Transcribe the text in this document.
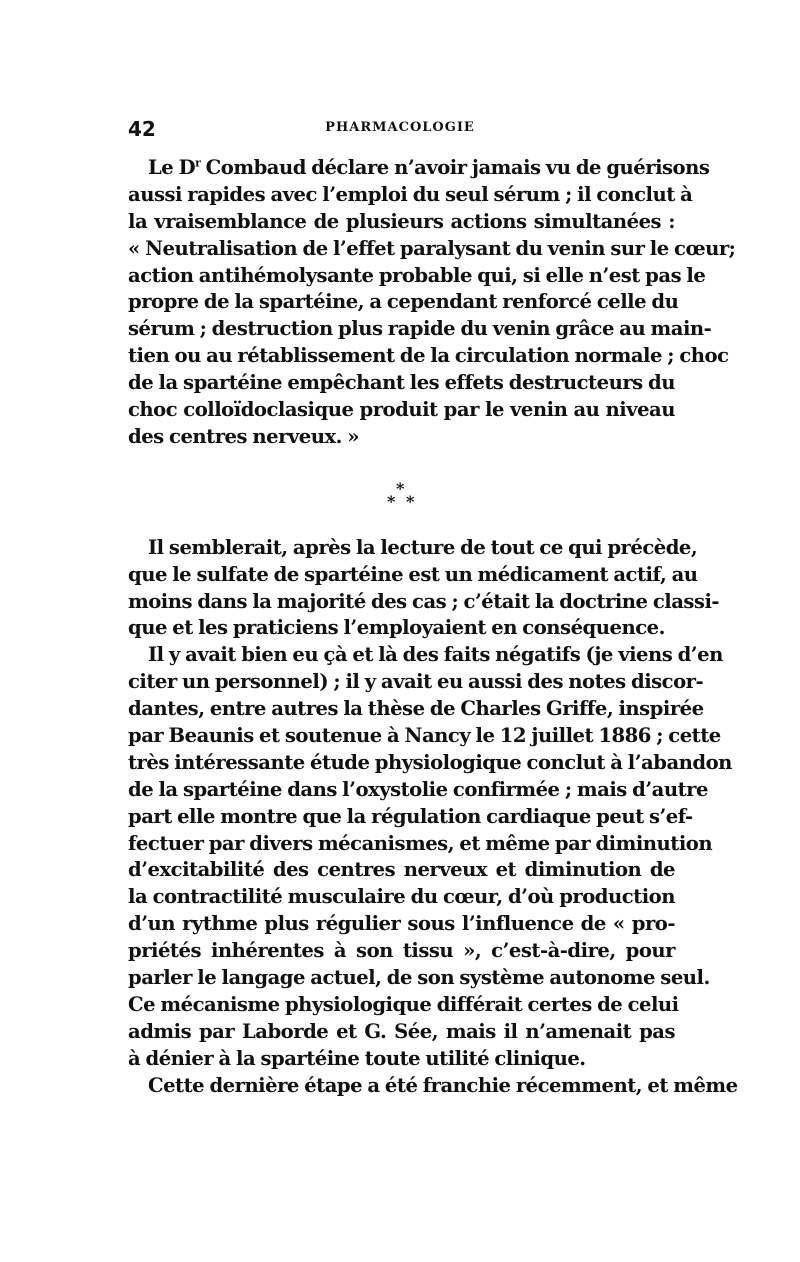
42	PHARMACOLOGIE
Le $D^r$ Combaud déclare n’avoir jamais vu de guérisons
aussi rapides avec l’emploi du seul sérum ; il conclut à
la vraisemblance de plusieurs actions simultanées :
« Neutralisation de l’effet paralysant du venin sur le cœur;
action antihémolysante probable qui, si elle n’est pas le
propre de la spartéine, a cependant renforcé celle du
sérum ; destruction plus rapide du venin grâce au main-
tien ou au rétablissement de la circulation normale ; choc
de la spartéine empêchant les effets destructeurs du
choc colloïdoclasique produit par le venin au niveau
des centres nerveux. »
*
* *
Il semblerait, après la lecture de tout ce qui précède,
que le sulfate de spartéine est un médicament actif, au
moins dans la majorité des cas ; c’était la doctrine classi-
que et les praticiens l’employaient en conséquence.
Il y avait bien eu çà et là des faits négatifs (je viens d’en
citer un personnel) ; il y avait eu aussi des notes discor-
dantes, entre autres la thèse de Charles Griffe, inspirée
par Beaunis et soutenue à Nancy le 12 juillet 1886 ; cette
très intéressante étude physiologique conclut à l’abandon
de la spartéine dans l’oxystolie confirmée ; mais d’autre
part elle montre que la régulation cardiaque peut s’ef-
fectuer par divers mécanismes, et même par diminution
d’excitabilité des centres nerveux et diminution de
la contractilité musculaire du cœur, d’où production
d’un rythme plus régulier sous l’influence de « pro-
priétés inhérentes à son tissu », c’est-à-dire, pour
parler le langage actuel, de son système autonome seul.
Ce mécanisme physiologique différait certes de celui
admis par Laborde et G. Sée, mais il n’amenait pas
à dénier à la spartéine toute utilité clinique.
Cette dernière étape a été franchie récemment, et même
